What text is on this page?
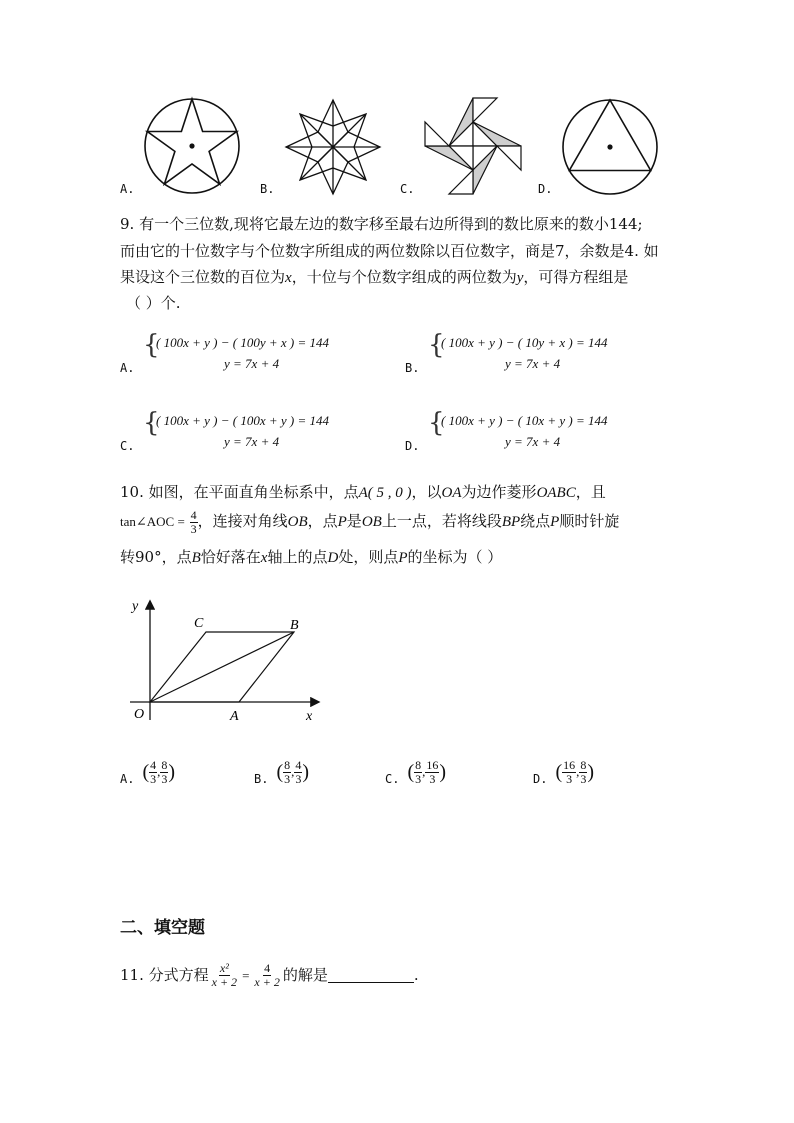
A.	B.	C.	D.
9. 有一个三位数,现将它最左边的数字移至最右边所得到的数比原来的数小144;
而由它的十位数字与个位数字所组成的两位数除以百位数字，商是7，余数是4. 如
果设这个三位数的百位为x，十位与个位数字组成的两位数为y，可得方程组是
（ ）个.
A.
{
( 100x + y ) − ( 100y + x ) = 144
y = 7x + 4	B.
{
( 100x + y ) − ( 10y + x ) = 144
y = 7x + 4
C.
{
( 100x + y ) − ( 100x + y ) = 144
y = 7x + 4	D.
{
( 100x + y ) − ( 10x + y ) = 144
y = 7x + 4
10. 如图，在平面直角坐标系中，点A( 5 , 0 )，以OA为边作菱形OABC，且
tan∠AOC = $\frac{4}{3}$ ，连接对角线OB，点P是OB上一点，若将线段BP绕点P顺时针旋
转90°，点B恰好落在x轴上的点D处，则点P的坐标为（ ）
y
x
O	A
B
C
A. ( $\frac{4}{3}$ , $\frac{8}{3}$ )	B. ( $\frac{8}{3}$ , $\frac{4}{3}$ )	C. ( $\frac{8}{3}$ , $\frac{16}{3}$ )	D. ( $\frac{16}{3}$ , $\frac{8}{3}$ )
二、填空题
11. 分式方程 $\frac{\text{x²}}{x + 2} = \frac{4}{x + 2}$ 的解是	.
